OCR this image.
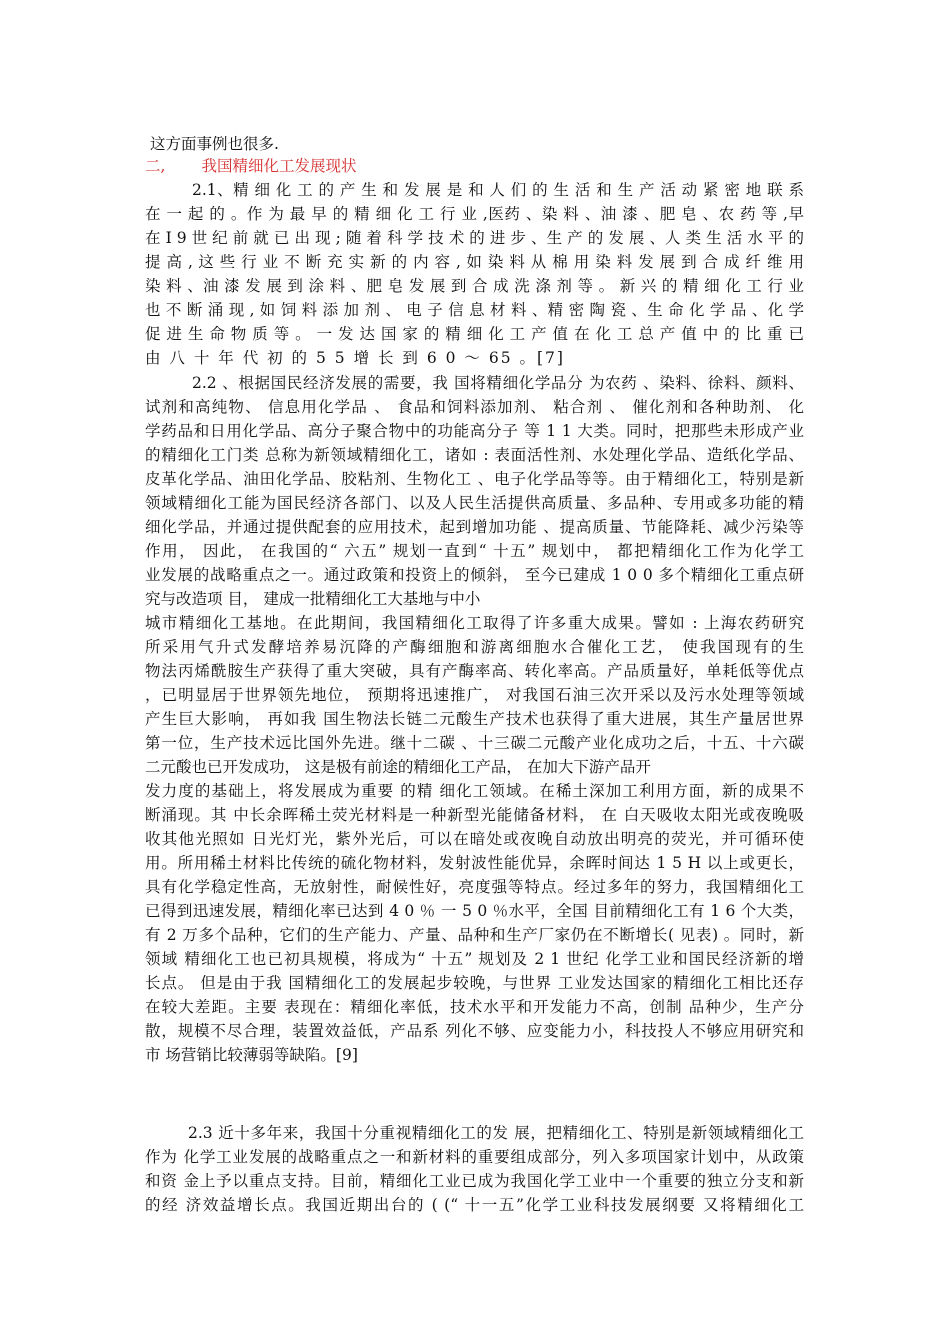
这方面事例也很多.
二, 我国精细化工发展现状
2.1、精 细 化 工 的 产 生 和 发 展 是 和 人 们 的 生 活 和 生 产 活 动 紧 密 地 联 系
在 一 起 的 。作 为 最 早 的 精 细 化 工 行 业 ,医药 、染 料 、油 漆 、肥 皂 、农 药 等 ,早
在 I 9 世 纪 前 就 已 出 现 ; 随 着 科 学 技 术 的 进 步 、生 产 的 发 展 、人 类 生 活 水 平 的
提 高 , 这 些 行 业 不 断 充 实 新 的 内 容 , 如 染 料 从 棉 用 染 料 发 展 到 合 成 纤 维 用
染 料 、油 漆 发 展 到 涂 料 、肥 皂 发 展 到 合 成 洗 涤 剂 等 。 新 兴 的 精 细 化 工 行 业
也 不 断 涌 现 , 如 饲 料 添 加 剂 、 电 子 信 息 材 料 、精 密 陶 瓷 、生 命 化 学 品 、化 学
促 进 生 命 物 质 等 。 一 发 达 国 家 的 精 细 化 工 产 值 在 化 工 总 产 值 中 的 比 重 已
由 八 十 年 代 初 的 5 5 增 长 到 6 0 ～ 65 。[7]
2.2 、根据国民经济发展的需要，我 国将精细化学品分 为农药 、染料、徐料、颜料、
试剂和高纯物、 信息用化学品 、 食品和饲料添加剂、 粘合剂 、 催化剂和各种助剂、 化
学药品和日用化学品、高分子聚合物中的功能高分子 等 1 1 大类。同时，把那些未形成产业
的精细化工门类 总称为新领域精细化工，诸如 : 表面活性剂、水处理化学品、造纸化学品、
皮革化学品、油田化学品、胶粘剂、生物化工 、电子化学品等等。由于精细化工，特别是新
领域精细化工能为国民经济各部门、以及人民生活提供高质量、多品种、专用或多功能的精
细化学品，并通过提供配套的应用技术，起到增加功能 、提高质量、节能降耗、减少污染等
作用， 因此， 在我国的“ 六五” 规划一直到“ 十五” 规划中， 都把精细化工作为化学工
业发展的战略重点之一。通过政策和投资上的倾斜， 至今已建成 1 0 0 多个精细化工重点研
究与改造项 目， 建成一批精细化工大基地与中小
城市精细化工基地。在此期间，我国精细化工取得了许多重大成果。譬如 : 上海农药研究
所采用气升式发酵培养易沉降的产酶细胞和游离细胞水合催化工艺， 使我国现有的生
物法丙烯酰胺生产获得了重大突破，具有产酶率高、转化率高。产品质量好，单耗低等优点
，已明显居于世界领先地位， 预期将迅速推广， 对我国石油三次开采以及污水处理等领域
产生巨大影响， 再如我 国生物法长链二元酸生产技术也获得了重大进展，其生产量居世界
第一位，生产技术远比国外先进。继十二碳 、十三碳二元酸产业化成功之后，十五、十六碳
二元酸也已开发成功， 这是极有前途的精细化工产品， 在加大下游产品开
发力度的基础上，将发展成为重要 的精 细化工领域。在稀土深加工利用方面，新的成果不
断涌现。其 中长余晖稀土荧光材料是一种新型光能储备材料， 在 白天吸收太阳光或夜晚吸
收其他光照如 日光灯光，紫外光后，可以在暗处或夜晚自动放出明亮的荧光，并可循环使
用。所用稀土材料比传统的硫化物材料，发射波性能优异，余晖时间达 1 5 H 以上或更长，
具有化学稳定性高，无放射性，耐候性好，亮度强等特点。经过多年的努力，我国精细化工
已得到迅速发展，精细化率已达到 4 0 ％ 一 5 0 ％水平，全国 目前精细化工有 1 6 个大类，
有 2 万多个品种，它们的生产能力、产量、品种和生产厂家仍在不断增长( 见表) 。同时，新
领域 精细化工也已初具规模，将成为“ 十五” 规划及 2 1 世纪 化学工业和国民经济新的增
长点。 但是由于我 国精细化工的发展起步较晚，与世界 工业发达国家的精细化工相比还存
在较大差距。主要 表现在：精细化率低，技术水平和开发能力不高，创制 品种少，生产分
散，规模不尽合理，装置效益低，产品系 列化不够、应变能力小，科技投人不够应用研究和
市 场营销比较薄弱等缺陷。[9]
2.3 近十多年来，我国十分重视精细化工的发 展，把精细化工、特别是新领域精细化工
作为 化学工业发展的战略重点之一和新材料的重要组成部分，列入多项国家计划中，从政策
和资 金上予以重点支持。目前，精细化工业已成为我国化学工业中一个重要的独立分支和新
的经 济效益增长点。我国近期出台的 ( (“ 十一五”化学工业科技发展纲要 又将精细化工
